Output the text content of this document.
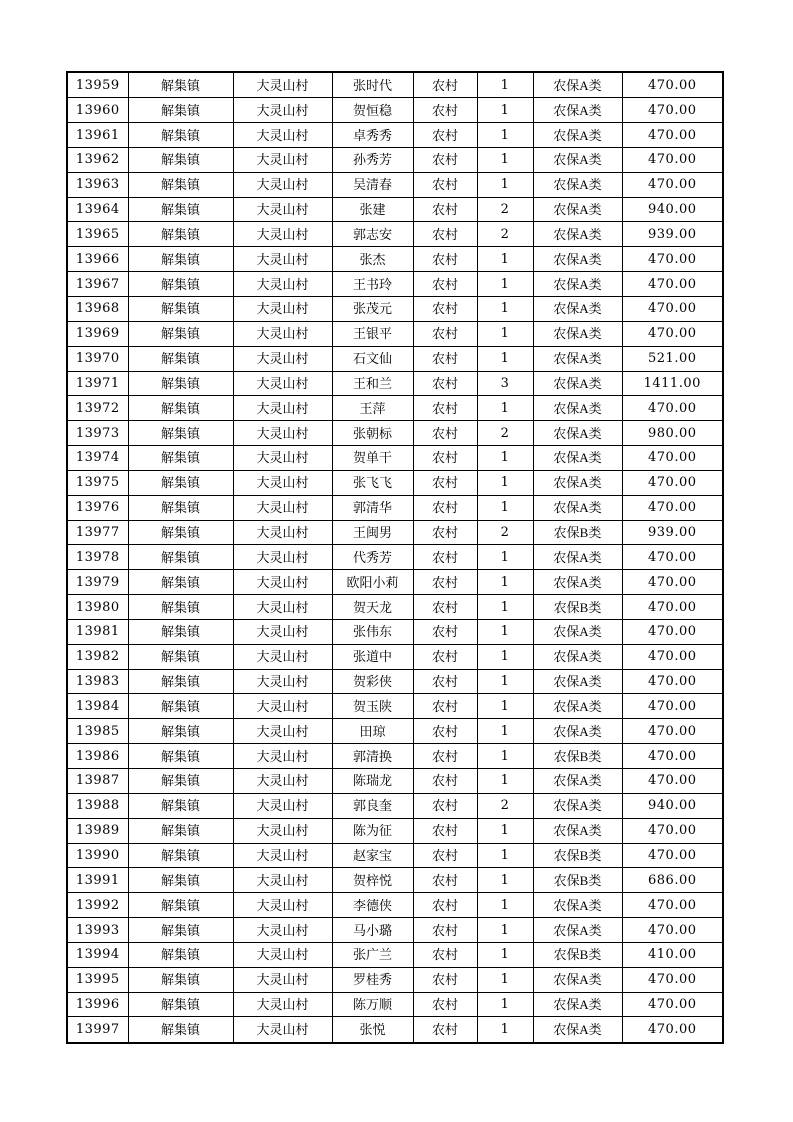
13959	解集镇	大灵山村	张时代	农村	1	农保A类	470.00
13960	解集镇	大灵山村	贺恒稳	农村	1	农保A类	470.00
13961	解集镇	大灵山村	卓秀秀	农村	1	农保A类	470.00
13962	解集镇	大灵山村	孙秀芳	农村	1	农保A类	470.00
13963	解集镇	大灵山村	吴清春	农村	1	农保A类	470.00
13964	解集镇	大灵山村	张建	农村	2	农保A类	940.00
13965	解集镇	大灵山村	郭志安	农村	2	农保A类	939.00
13966	解集镇	大灵山村	张杰	农村	1	农保A类	470.00
13967	解集镇	大灵山村	王书玲	农村	1	农保A类	470.00
13968	解集镇	大灵山村	张茂元	农村	1	农保A类	470.00
13969	解集镇	大灵山村	王银平	农村	1	农保A类	470.00
13970	解集镇	大灵山村	石文仙	农村	1	农保A类	521.00
13971	解集镇	大灵山村	王和兰	农村	3	农保A类	1411.00
13972	解集镇	大灵山村	王萍	农村	1	农保A类	470.00
13973	解集镇	大灵山村	张朝标	农村	2	农保A类	980.00
13974	解集镇	大灵山村	贺单干	农村	1	农保A类	470.00
13975	解集镇	大灵山村	张飞飞	农村	1	农保A类	470.00
13976	解集镇	大灵山村	郭清华	农村	1	农保A类	470.00
13977	解集镇	大灵山村	王闽男	农村	2	农保B类	939.00
13978	解集镇	大灵山村	代秀芳	农村	1	农保A类	470.00
13979	解集镇	大灵山村	欧阳小莉	农村	1	农保A类	470.00
13980	解集镇	大灵山村	贺天龙	农村	1	农保B类	470.00
13981	解集镇	大灵山村	张伟东	农村	1	农保A类	470.00
13982	解集镇	大灵山村	张道中	农村	1	农保A类	470.00
13983	解集镇	大灵山村	贺彩侠	农村	1	农保A类	470.00
13984	解集镇	大灵山村	贺玉陕	农村	1	农保A类	470.00
13985	解集镇	大灵山村	田琼	农村	1	农保A类	470.00
13986	解集镇	大灵山村	郭清换	农村	1	农保B类	470.00
13987	解集镇	大灵山村	陈瑞龙	农村	1	农保A类	470.00
13988	解集镇	大灵山村	郭良奎	农村	2	农保A类	940.00
13989	解集镇	大灵山村	陈为征	农村	1	农保A类	470.00
13990	解集镇	大灵山村	赵家宝	农村	1	农保B类	470.00
13991	解集镇	大灵山村	贺梓悦	农村	1	农保B类	686.00
13992	解集镇	大灵山村	李德侠	农村	1	农保A类	470.00
13993	解集镇	大灵山村	马小璐	农村	1	农保A类	470.00
13994	解集镇	大灵山村	张广兰	农村	1	农保B类	410.00
13995	解集镇	大灵山村	罗桂秀	农村	1	农保A类	470.00
13996	解集镇	大灵山村	陈万顺	农村	1	农保A类	470.00
13997	解集镇	大灵山村	张悦	农村	1	农保A类	470.00
